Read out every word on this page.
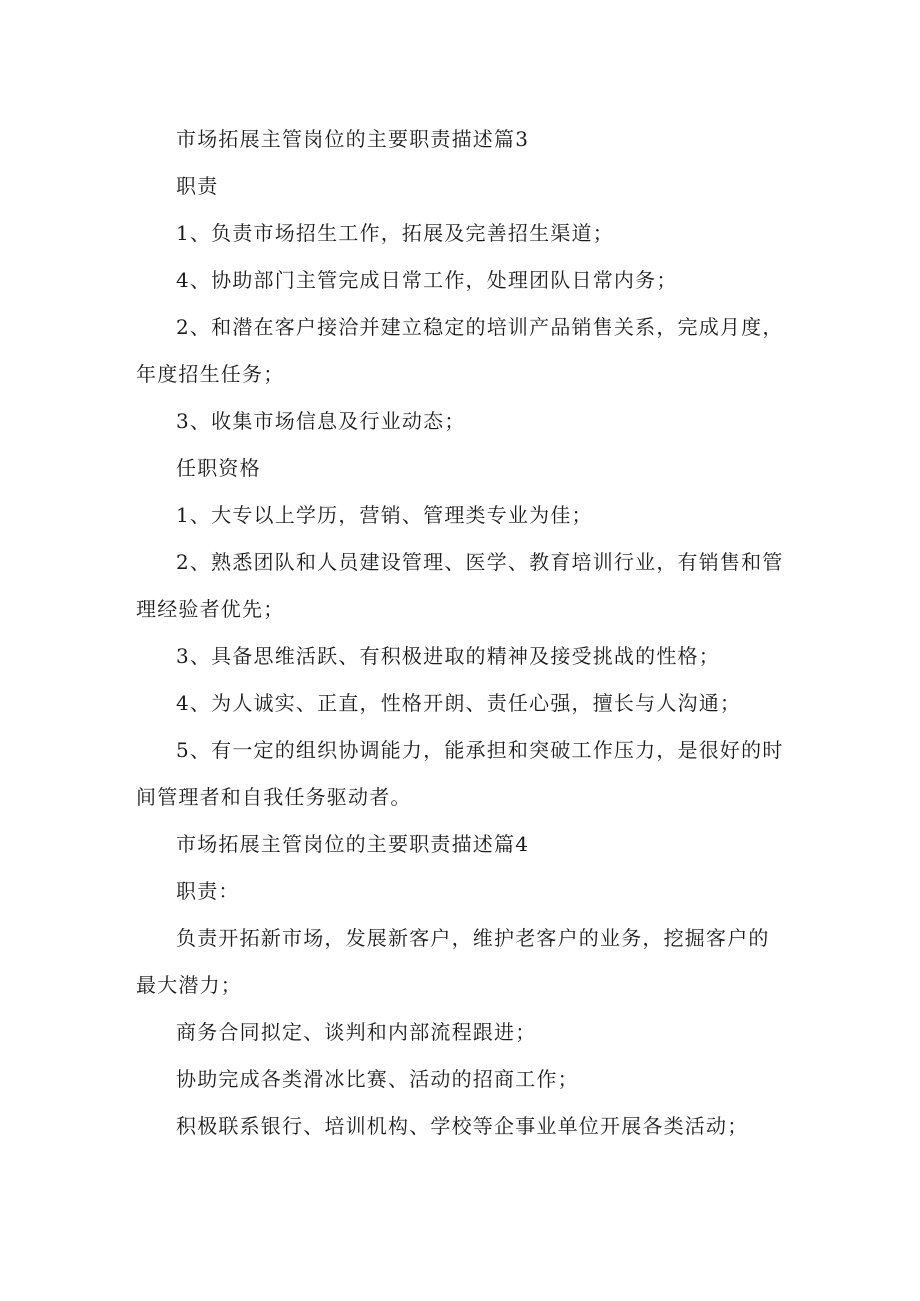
市场拓展主管岗位的主要职责描述篇3

职责

1、负责市场招生工作，拓展及完善招生渠道；

4、协助部门主管完成日常工作，处理团队日常内务；

2、和潜在客户接洽并建立稳定的培训产品销售关系，完成月度，年度招生任务；

3、收集市场信息及行业动态；

任职资格

1、大专以上学历，营销、管理类专业为佳；

2、熟悉团队和人员建设管理、医学、教育培训行业，有销售和管理经验者优先；

3、具备思维活跃、有积极进取的精神及接受挑战的性格；

4、为人诚实、正直，性格开朗、责任心强，擅长与人沟通；

5、有一定的组织协调能力，能承担和突破工作压力，是很好的时间管理者和自我任务驱动者。

市场拓展主管岗位的主要职责描述篇4

职责：

负责开拓新市场，发展新客户，维护老客户的业务，挖掘客户的最大潜力；

商务合同拟定、谈判和内部流程跟进；

协助完成各类滑冰比赛、活动的招商工作；

积极联系银行、培训机构、学校等企事业单位开展各类活动；
